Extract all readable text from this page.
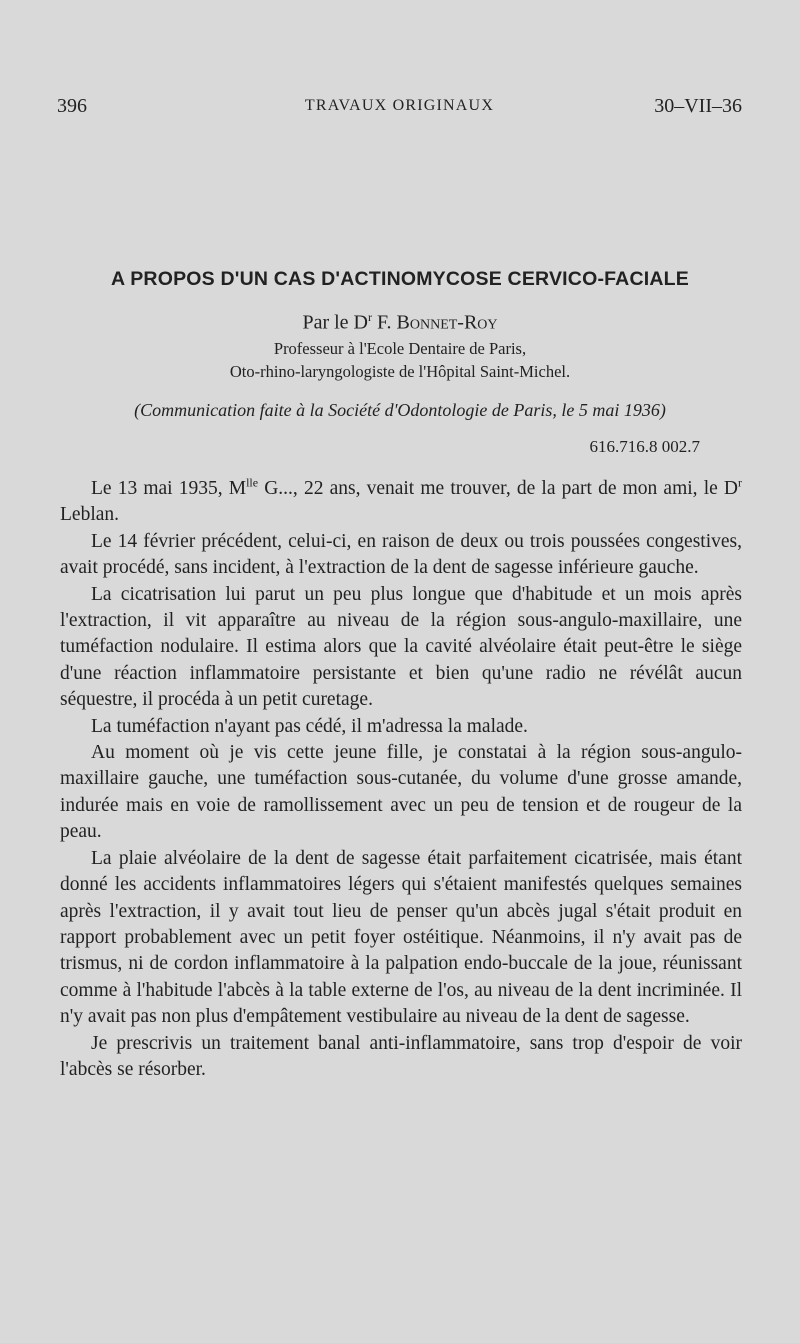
396	TRAVAUX ORIGINAUX	30–VII–36
A PROPOS D'UN CAS D'ACTINOMYCOSE CERVICO-FACIALE
Par le $D^r$ F. Bonnet-Roy
Professeur à l'Ecole Dentaire de Paris,
Oto-rhino-laryngologiste de l'Hôpital Saint-Michel.
(Communication faite à la Société d'Odontologie de Paris, le 5 mai 1936)
616.716.8 002.7

Le 13 mai 1935, $M^{lle}$ G..., 22 ans, venait me trouver, de la part de mon ami, le $D^r$ Leblan.

Le 14 février précédent, celui-ci, en raison de deux ou trois poussées congestives, avait procédé, sans incident, à l'extraction de la dent de sagesse inférieure gauche.

La cicatrisation lui parut un peu plus longue que d'habitude et un mois après l'extraction, il vit apparaître au niveau de la région sous-angulo-maxillaire, une tuméfaction nodulaire. Il estima alors que la cavité alvéolaire était peut-être le siège d'une réaction inflammatoire persistante et bien qu'une radio ne révélât aucun séquestre, il procéda à un petit curetage.

La tuméfaction n'ayant pas cédé, il m'adressa la malade.

Au moment où je vis cette jeune fille, je constatai à la région sous-angulo-maxillaire gauche, une tuméfaction sous-cutanée, du volume d'une grosse amande, indurée mais en voie de ramollissement avec un peu de tension et de rougeur de la peau.

La plaie alvéolaire de la dent de sagesse était parfaitement cicatrisée, mais étant donné les accidents inflammatoires légers qui s'étaient manifestés quelques semaines après l'extraction, il y avait tout lieu de penser qu'un abcès jugal s'était produit en rapport probablement avec un petit foyer ostéitique. Néanmoins, il n'y avait pas de trismus, ni de cordon inflammatoire à la palpation endo-buccale de la joue, réunissant comme à l'habitude l'abcès à la table externe de l'os, au niveau de la dent incriminée. Il n'y avait pas non plus d'empâtement vestibulaire au niveau de la dent de sagesse.

Je prescrivis un traitement banal anti-inflammatoire, sans trop d'espoir de voir l'abcès se résorber.
